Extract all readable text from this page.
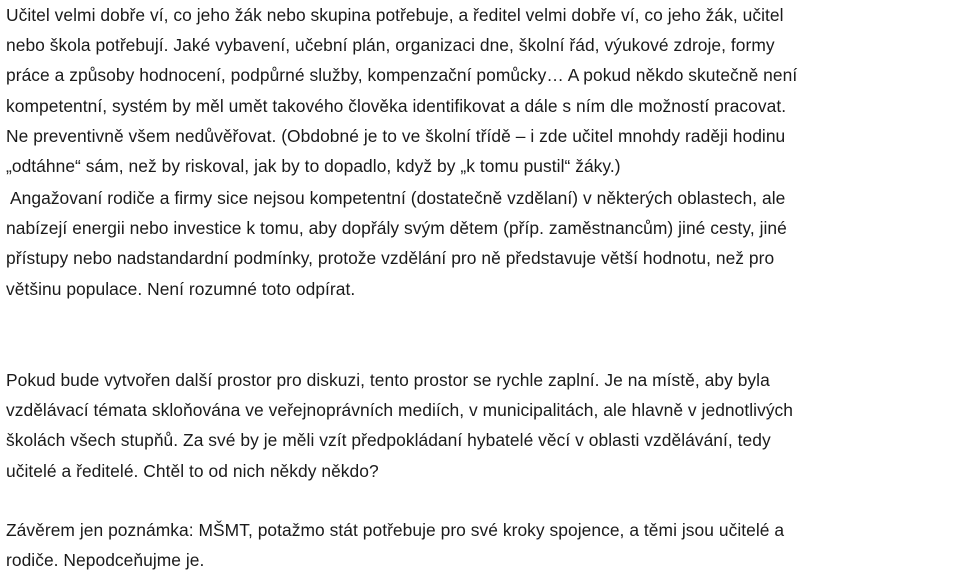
Učitel velmi dobře ví, co jeho žák nebo skupina potřebuje, a ředitel velmi dobře ví, co jeho žák, učitel
nebo škola potřebují. Jaké vybavení, učební plán, organizaci dne, školní řád, výukové zdroje, formy
práce a způsoby hodnocení, podpůrné služby, kompenzační pomůcky… A pokud někdo skutečně není
kompetentní, systém by měl umět takového člověka identifikovat a dále s ním dle možností pracovat.
Ne preventivně všem nedůvěřovat. (Obdobné je to ve školní třídě – i zde učitel mnohdy raději hodinu
„odtáhne“ sám, než by riskoval, jak by to dopadlo, když by „k tomu pustil“ žáky.)

Angažovaní rodiče a firmy sice nejsou kompetentní (dostatečně vzdělaní) v některých oblastech, ale
nabízejí energii nebo investice k tomu, aby dopřály svým dětem (příp. zaměstnancům) jiné cesty, jiné
přístupy nebo nadstandardní podmínky, protože vzdělání pro ně představuje větší hodnotu, než pro
většinu populace. Není rozumné toto odpírat.

Pokud bude vytvořen další prostor pro diskuzi, tento prostor se rychle zaplní. Je na místě, aby byla
vzdělávací témata skloňována ve veřejnoprávních mediích, v municipalitách, ale hlavně v jednotlivých
školách všech stupňů. Za své by je měli vzít předpokládaní hybatelé věcí v oblasti vzdělávání, tedy
učitelé a ředitelé. Chtěl to od nich někdy někdo?

Závěrem jen poznámka: MŠMT, potažmo stát potřebuje pro své kroky spojence, a těmi jsou učitelé a
rodiče. Nepodceňujme je.
